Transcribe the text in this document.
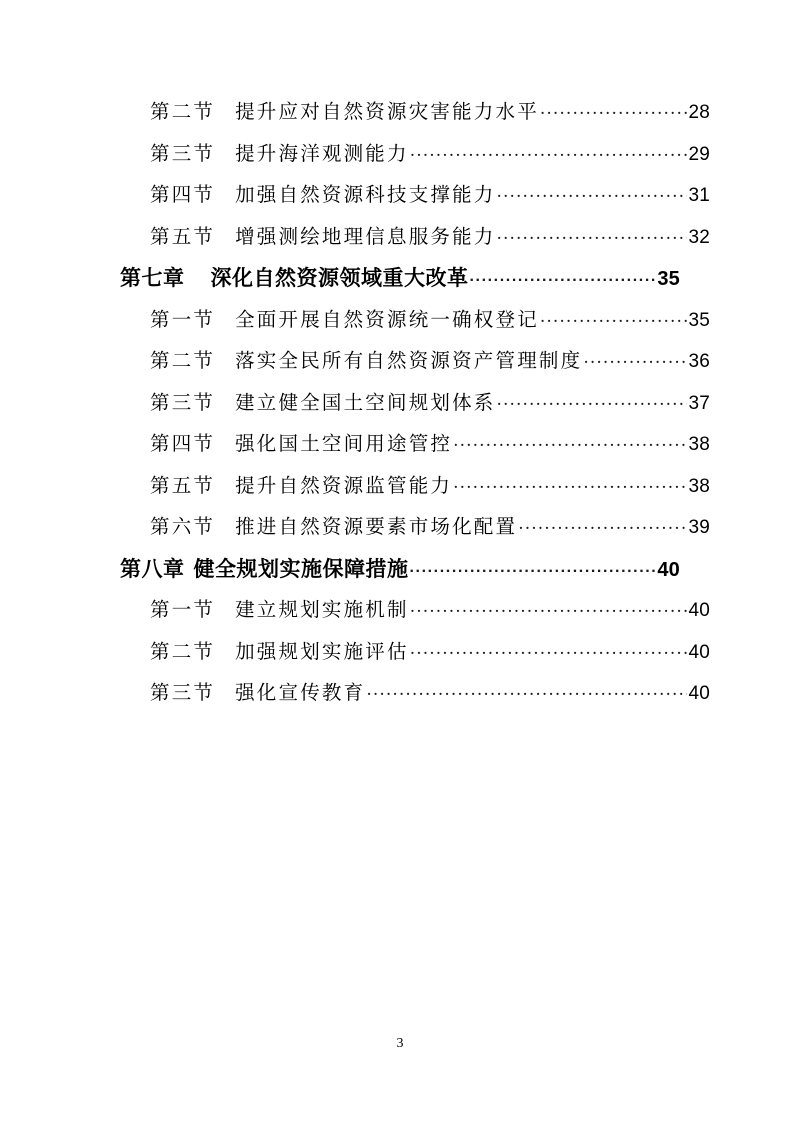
第二节 提升应对自然资源灾害能力水平 .....	28
第三节 提升海洋观测能力 .....	29
第四节 加强自然资源科技支撑能力 .....	31
第五节 增强测绘地理信息服务能力 .....	32
第七章 深化自然资源领域重大改革 .....	35
第一节 全面开展自然资源统一确权登记 .....	35
第二节 落实全民所有自然资源资产管理制度 .....	36
第三节 建立健全国土空间规划体系 .....	37
第四节 强化国土空间用途管控 .....	38
第五节 提升自然资源监管能力 .....	38
第六节 推进自然资源要素市场化配置 .....	39
第八章 健全规划实施保障措施 .....	40
第一节 建立规划实施机制 .....	40
第二节 加强规划实施评估 .....	40
第三节 强化宣传教育 .....	40
3
